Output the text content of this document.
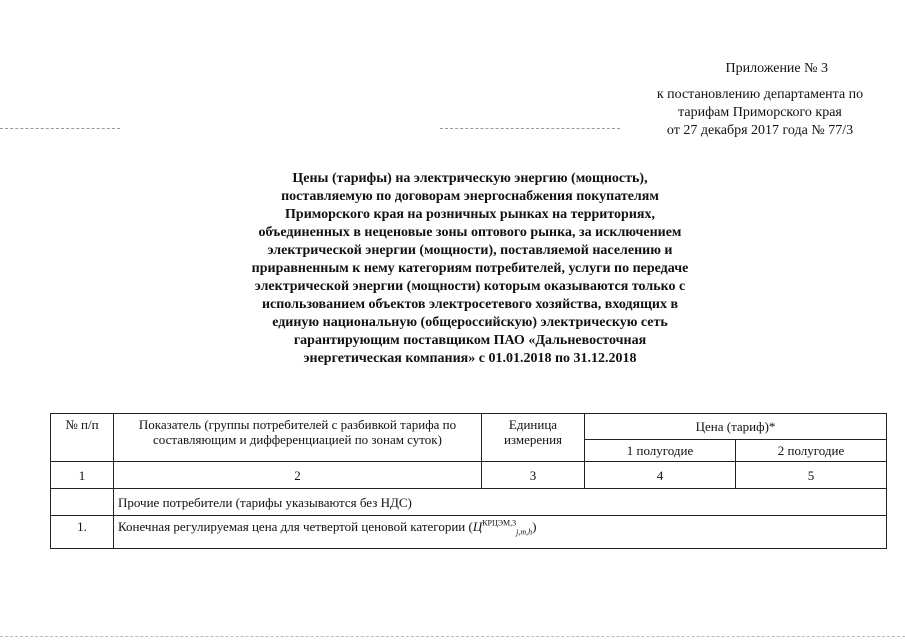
Приложение № 3
к постановлению департамента по
тарифам Приморского края
от 27 декабря 2017 года № 77/3

Цены (тарифы) на электрическую энергию (мощность), поставляемую по договорам энергоснабжения покупателям Приморского края на розничных рынках на территориях, объединенных в неценовые зоны оптового рынка, за исключением электрической энергии (мощности), поставляемой населению и приравненным к нему категориям потребителей, услуги по передаче электрической энергии (мощности) которым оказываются только с использованием объектов электросетевого хозяйства, входящих в единую национальную (общероссийскую) электрическую сеть гарантирующим поставщиком ПАО «Дальневосточная энергетическая компания» с 01.01.2018 по 31.12.2018

№ п/п	Показатель (группы потребителей с разбивкой тарифа по составляющим и дифференциацией по зонам суток)	Единица измерения	Цена (тариф)*	
			1 полугодие	2 полугодие
1	2	3	4	5
	Прочие потребители (тарифы указываются без НДС)			
1.	Конечная регулируемая цена для четвертой ценовой категории $(Ц^{КРЦЭМ,3}_{j,m,h})$			
